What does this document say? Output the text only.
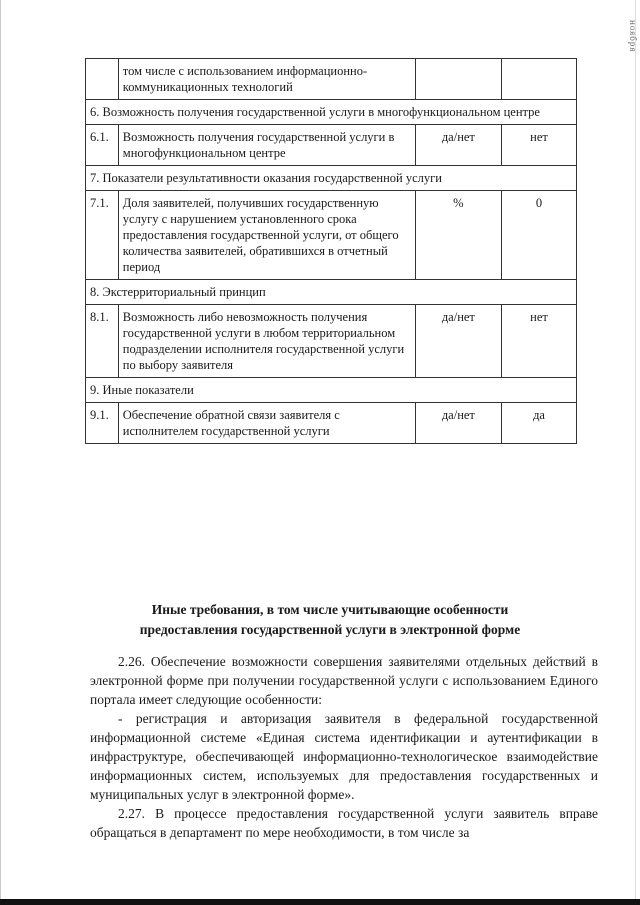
ноября
	том числе с использованием информационно-коммуникационных технологий		
6. Возможность получения государственной услуги в многофункциональном центре			
6.1.	Возможность получения государственной услуги в многофункциональном центре	да/нет	нет
7. Показатели результативности оказания государственной услуги			
7.1.	Доля заявителей, получивших государственную услугу с нарушением установленного срока предоставления государственной услуги, от общего количества заявителей, обратившихся в отчетный период	%	0
8. Экстерриториальный принцип			
8.1.	Возможность либо невозможность получения государственной услуги в любом территориальном подразделении исполнителя государственной услуги по выбору заявителя	да/нет	нет
9. Иные показатели			
9.1.	Обеспечение обратной связи заявителя с исполнителем государственной услуги	да/нет	да
Иные требования, в том числе учитывающие особенности
предоставления государственной услуги в электронной форме

2.26. Обеспечение возможности совершения заявителями отдельных действий в электронной форме при получении государственной услуги с использованием Единого портала имеет следующие особенности:

- регистрация и авторизация заявителя в федеральной государственной информационной системе «Единая система идентификации и аутентификации в инфраструктуре, обеспечивающей информационно-технологическое взаимодействие информационных систем, используемых для предоставления государственных и муниципальных услуг в электронной форме».

2.27. В процессе предоставления государственной услуги заявитель вправе обращаться в департамент по мере необходимости, в том числе за
